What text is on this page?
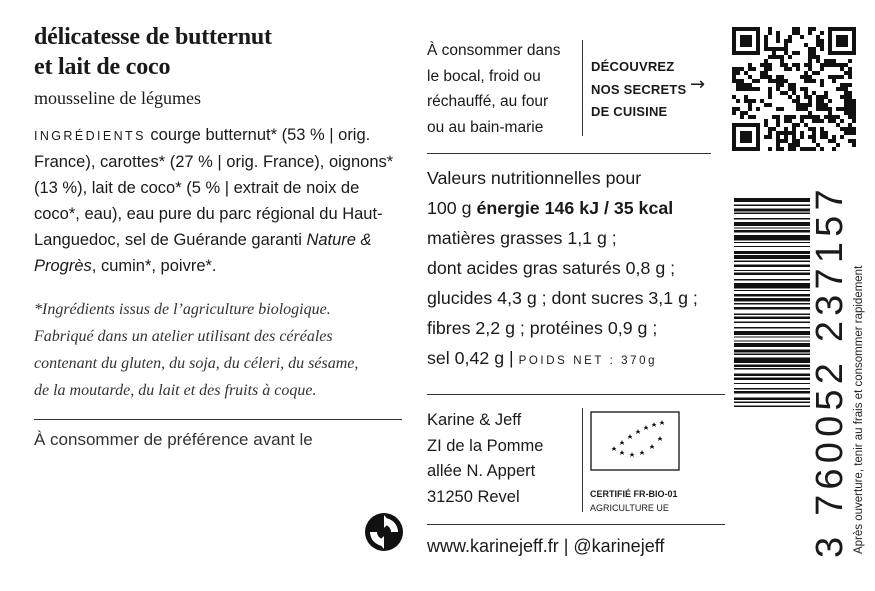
délicatesse de butternut
et lait de coco
mousseline de légumes
INGRÉDIENTS courge butternut* (53 % | orig. France), carottes* (27 % | orig. France), oignons* (13 %), lait de coco* (5 % | extrait de noix de coco*, eau), eau pure du parc régional du Haut-Languedoc, sel de Guérande garanti Nature & Progrès, cumin*, poivre*.
*Ingrédients issus de l’agriculture biologique.
Fabriqué dans un atelier utilisant des céréales
contenant du gluten, du soja, du céleri, du sésame,
de la moutarde, du lait et des fruits à coque.
À consommer de préférence avant le
À consommer dans
le bocal, froid ou
réchauffé, au four
ou au bain-marie
DÉCOUVREZ
NOS SECRETS
DE CUISINE
→
Valeurs nutritionnelles pour
100 g énergie 146 kJ / 35 kcal
matières grasses 1,1 g ;
dont acides gras saturés 0,8 g ;
glucides 4,3 g ; dont sucres 3,1 g ;
fibres 2,2 g ; protéines 0,9 g ;
sel 0,42 g | POIDS NET : 370g
Karine & Jeff
ZI de la Pomme
allée N. Appert
31250 Revel	CERTIFIÉ FR-BIO-01
AGRICULTURE UE
www.karinejeff.fr | @karinejeff	3 760052 237157 Après ouverture, tenir au frais et consommer rapidement
